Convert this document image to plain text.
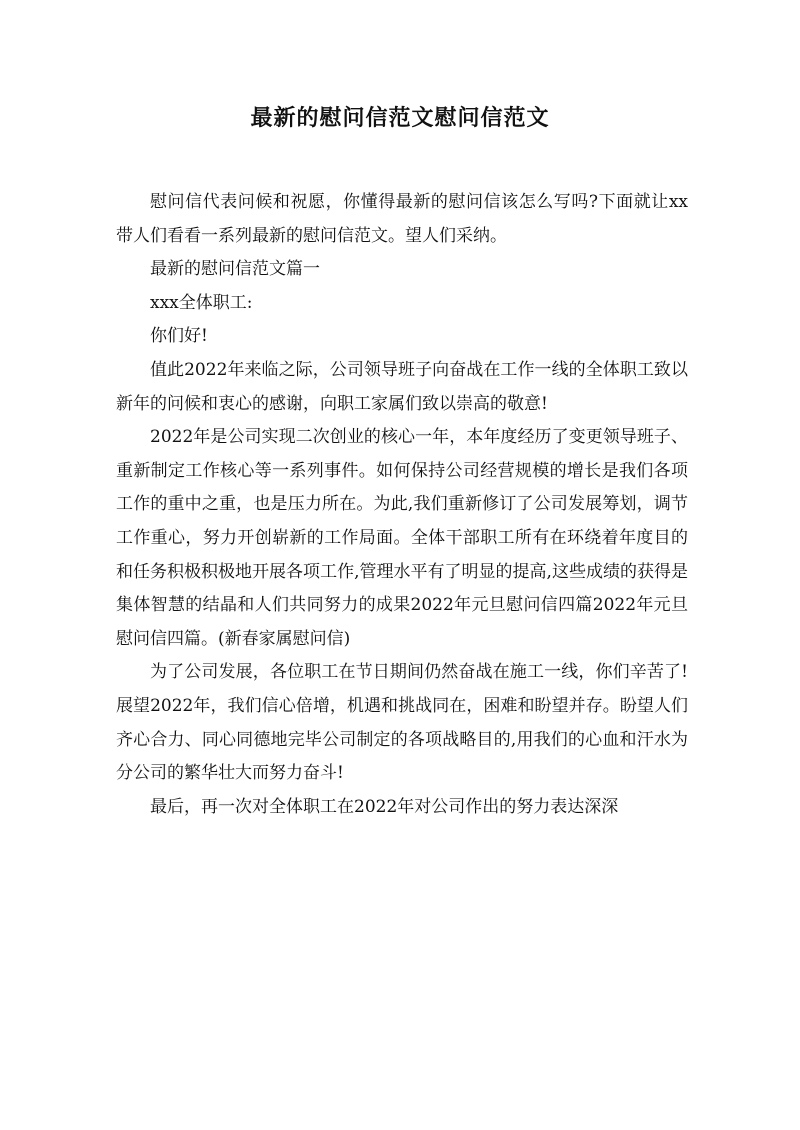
最新的慰问信范文慰问信范文

慰问信代表问候和祝愿，你懂得最新的慰问信该怎么写吗?下面就让xx带人们看看一系列最新的慰问信范文。望人们采纳。

最新的慰问信范文篇一

xxx全体职工:

你们好!

值此2022年来临之际，公司领导班子向奋战在工作一线的全体职工致以新年的问候和衷心的感谢，向职工家属们致以崇高的敬意!

2022年是公司实现二次创业的核心一年，本年度经历了变更领导班子、重新制定工作核心等一系列事件。如何保持公司经营规模的增长是我们各项工作的重中之重，也是压力所在。为此,我们重新修订了公司发展筹划，调节工作重心，努力开创崭新的工作局面。全体干部职工所有在环绕着年度目的和任务积极积极地开展各项工作,管理水平有了明显的提高,这些成绩的获得是集体智慧的结晶和人们共同努力的成果2022年元旦慰问信四篇2022年元旦慰问信四篇。(新春家属慰问信)

为了公司发展，各位职工在节日期间仍然奋战在施工一线，你们辛苦了!展望2022年，我们信心倍增，机遇和挑战同在，困难和盼望并存。盼望人们齐心合力、同心同德地完毕公司制定的各项战略目的,用我们的心血和汗水为分公司的繁华壮大而努力奋斗!

最后，再一次对全体职工在2022年对公司作出的努力表达深深
